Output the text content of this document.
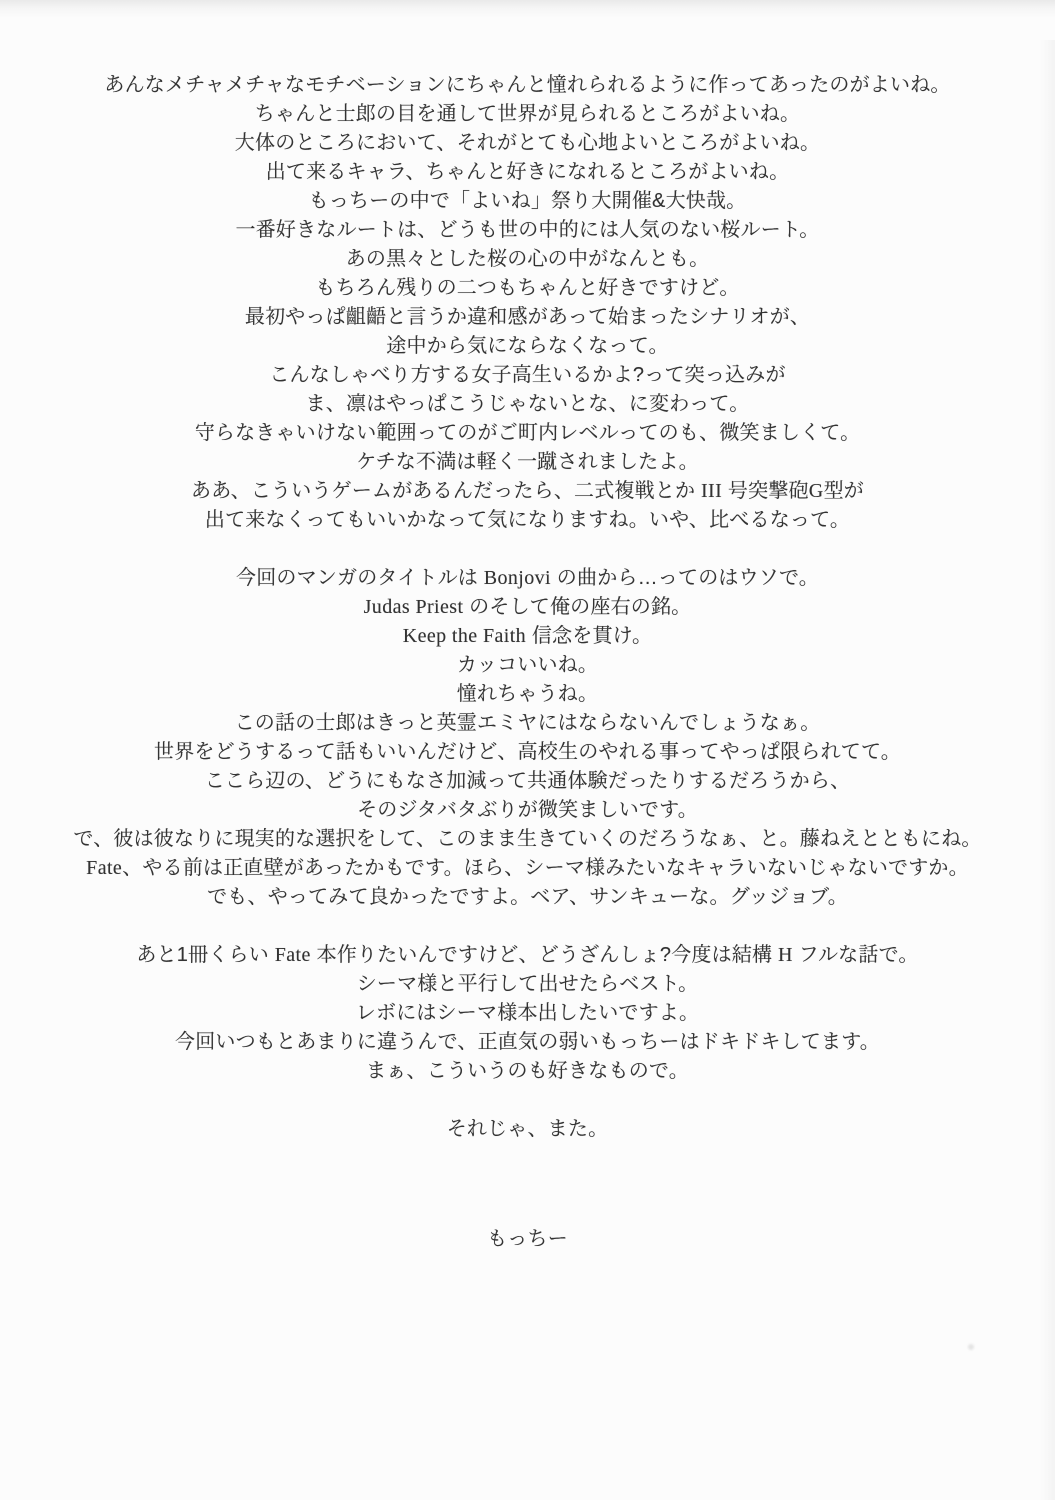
あんなメチャメチャなモチベーションにちゃんと憧れられるように作ってあったのがよいね。
ちゃんと士郎の目を通して世界が見られるところがよいね。
大体のところにおいて、それがとても心地よいところがよいね。
出て来るキャラ、ちゃんと好きになれるところがよいね。
もっちーの中で「よいね」祭り大開催&大快哉。
一番好きなルートは、どうも世の中的には人気のない桜ルート。
あの黒々とした桜の心の中がなんとも。
もちろん残りの二つもちゃんと好きですけど。
最初やっぱ齟齬と言うか違和感があって始まったシナリオが、
途中から気にならなくなって。
こんなしゃべり方する女子高生いるかよ?って突っ込みが
ま、凛はやっぱこうじゃないとな、に変わって。
守らなきゃいけない範囲ってのがご町内レベルってのも、微笑ましくて。
ケチな不満は軽く一蹴されましたよ。
ああ、こういうゲームがあるんだったら、二式複戦とか III 号突撃砲G型が
出て来なくってもいいかなって気になりますね。いや、比べるなって。
今回のマンガのタイトルは Bonjovi の曲から…ってのはウソで。
Judas Priest のそして俺の座右の銘。
Keep the Faith 信念を貫け。
カッコいいね。
憧れちゃうね。
この話の士郎はきっと英霊エミヤにはならないんでしょうなぁ。
世界をどうするって話もいいんだけど、高校生のやれる事ってやっぱ限られてて。
ここら辺の、どうにもなさ加減って共通体験だったりするだろうから、
そのジタバタぶりが微笑ましいです。
で、彼は彼なりに現実的な選択をして、このまま生きていくのだろうなぁ、と。藤ねえとともにね。
Fate、やる前は正直壁があったかもです。ほら、シーマ様みたいなキャラいないじゃないですか。
でも、やってみて良かったですよ。ベア、サンキューな。グッジョブ。
あと1冊くらい Fate 本作りたいんですけど、どうざんしょ?今度は結構 H フルな話で。
シーマ様と平行して出せたらベスト。
レボにはシーマ様本出したいですよ。
今回いつもとあまりに違うんで、正直気の弱いもっちーはドキドキしてます。
まぁ、こういうのも好きなもので。
それじゃ、また。
もっちー
